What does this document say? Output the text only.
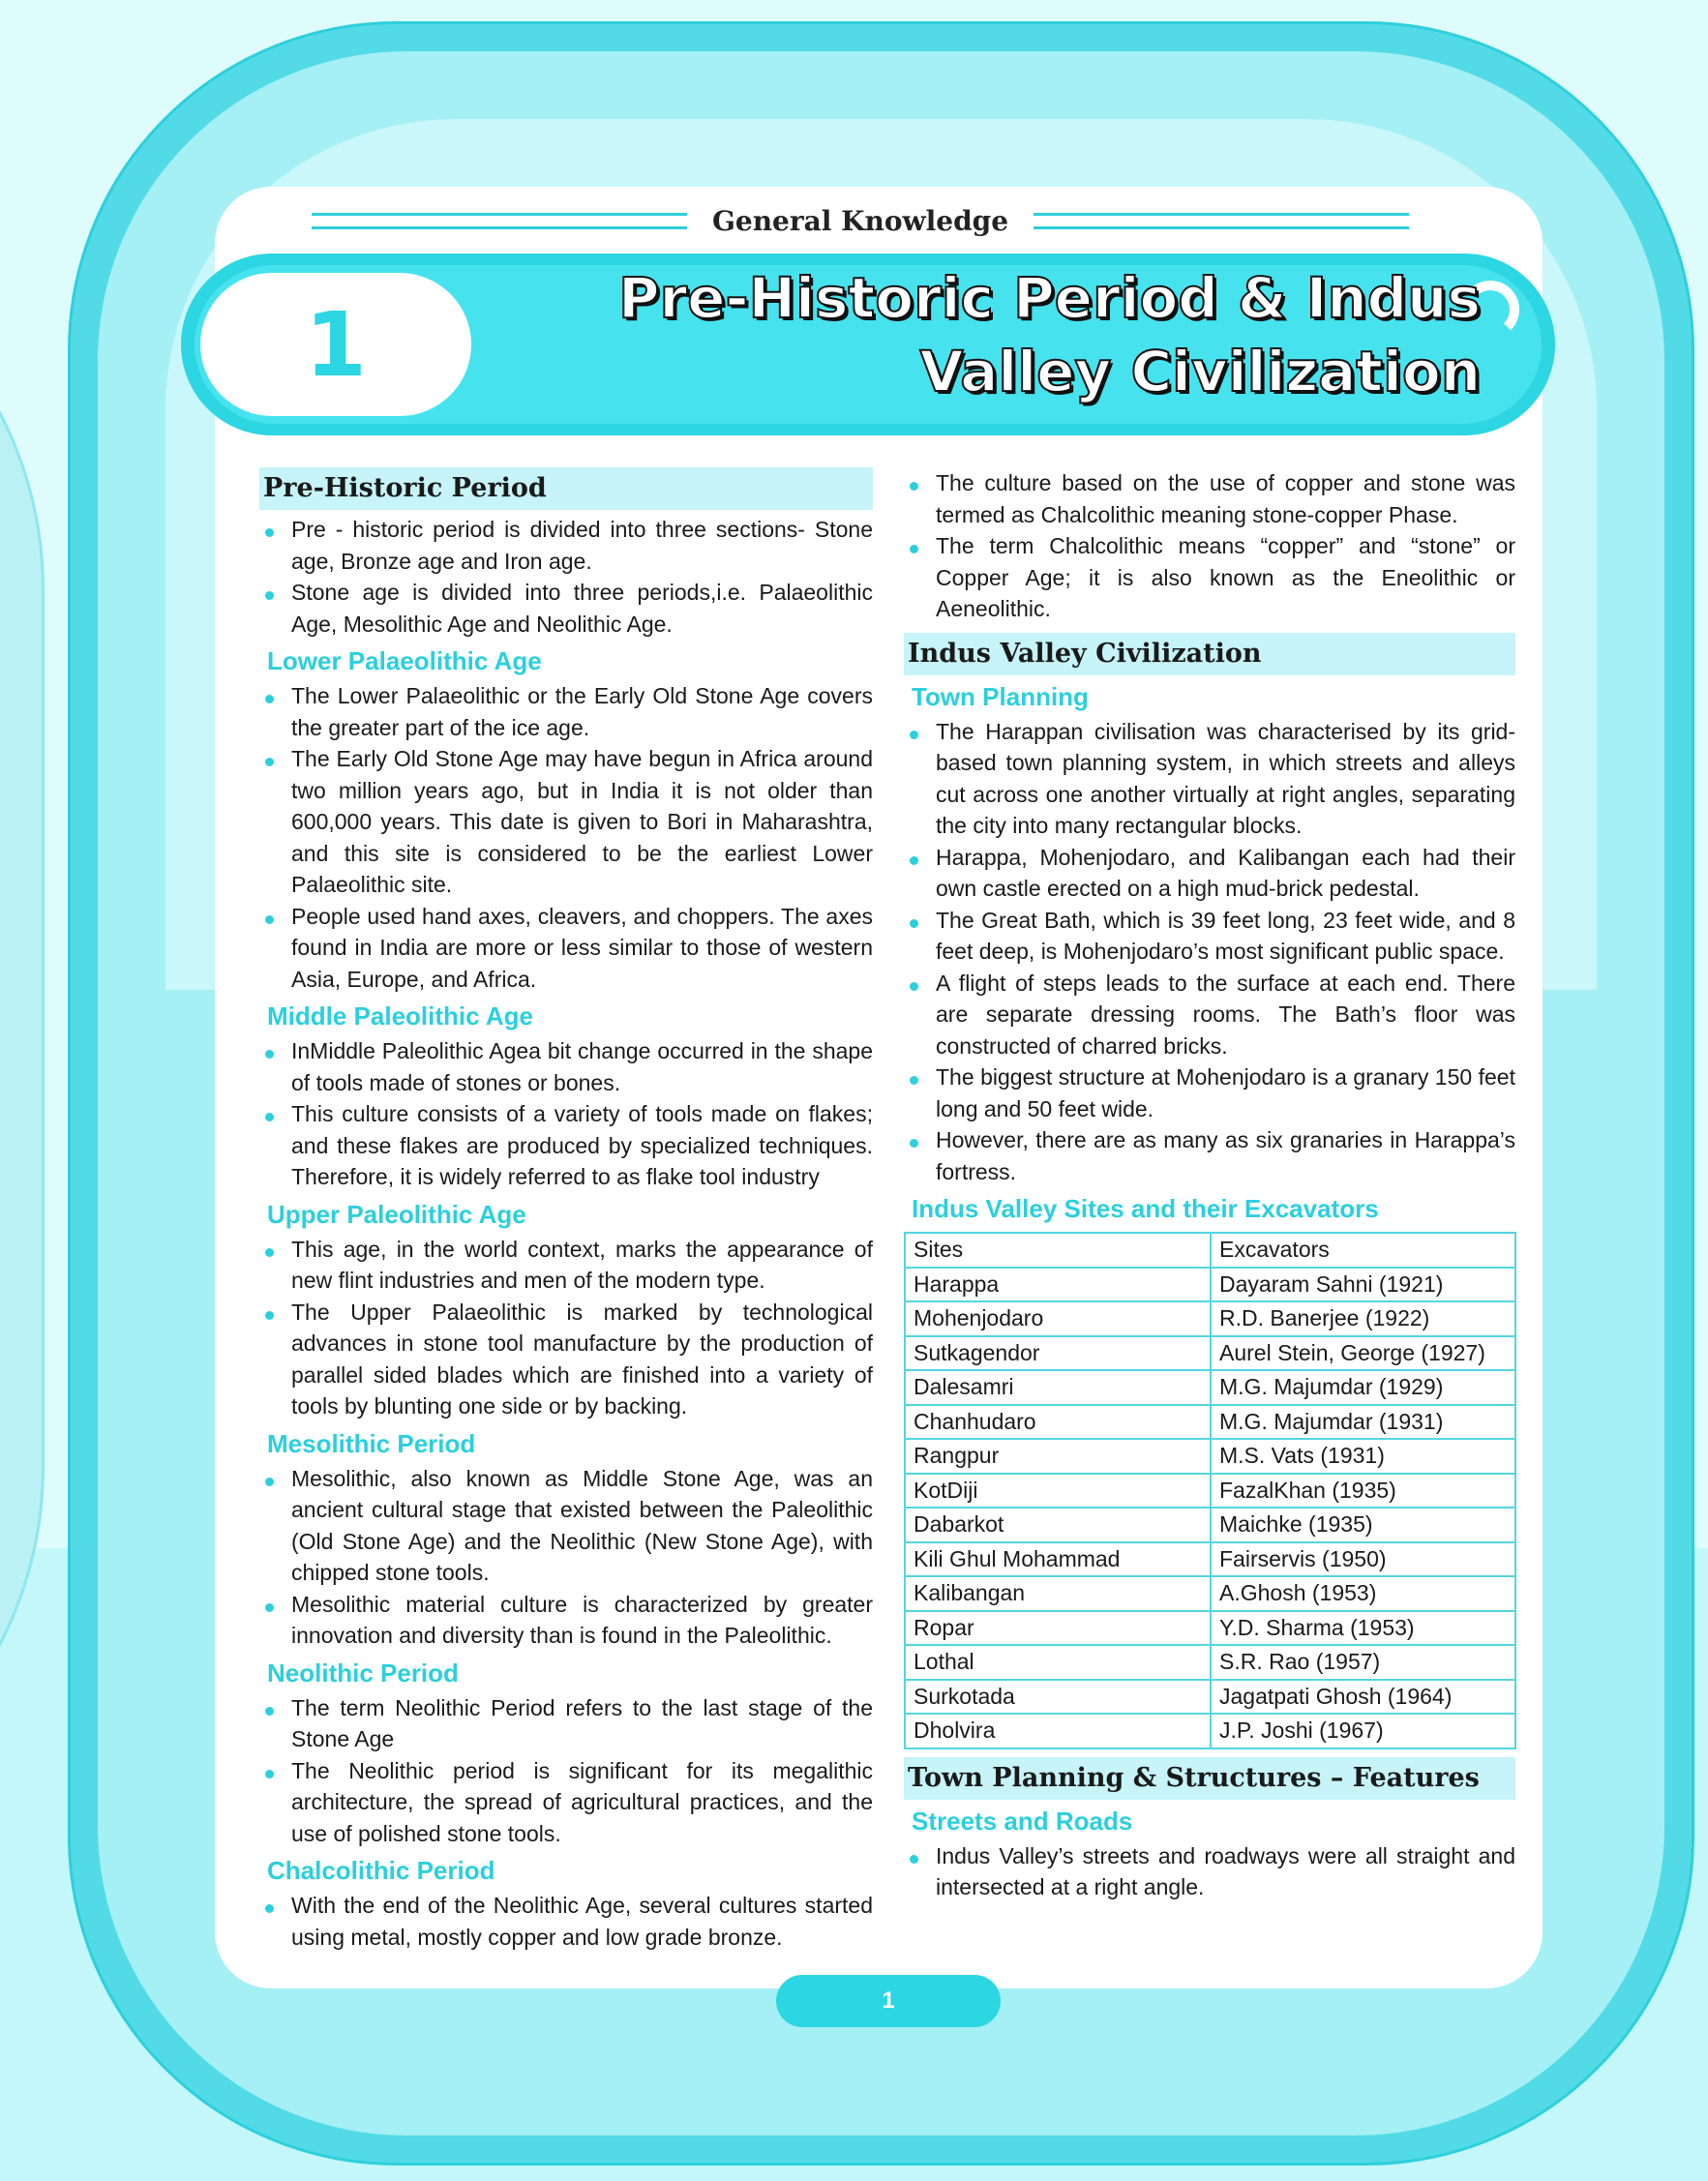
General Knowledge
1	Pre-Historic Period & Indus
Valley Civilization
Pre-Historic Period
Pre - historic period is divided into three sections- Stone age, Bronze age and Iron age.
Stone age is divided into three periods,i.e. Palaeolithic Age, Mesolithic Age and Neolithic Age.
Lower Palaeolithic Age
The Lower Palaeolithic or the Early Old Stone Age covers the greater part of the ice age.
The Early Old Stone Age may have begun in Africa around two million years ago, but in India it is not older than 600,000 years. This date is given to Bori in Maharashtra, and this site is considered to be the earliest Lower Palaeolithic site.
People used hand axes, cleavers, and choppers. The axes found in India are more or less similar to those of western Asia, Europe, and Africa.
Middle Paleolithic Age
InMiddle Paleolithic Agea bit change occurred in the shape of tools made of stones or bones.
This culture consists of a variety of tools made on flakes; and these flakes are produced by specialized techniques. Therefore, it is widely referred to as flake tool industry
Upper Paleolithic Age
This age, in the world context, marks the appearance of new flint industries and men of the modern type.
The Upper Palaeolithic is marked by technological advances in stone tool manufacture by the production of parallel sided blades which are finished into a variety of tools by blunting one side or by backing.
Mesolithic Period
Mesolithic, also known as Middle Stone Age, was an ancient cultural stage that existed between the Paleolithic (Old Stone Age) and the Neolithic (New Stone Age), with chipped stone tools.
Mesolithic material culture is characterized by greater innovation and diversity than is found in the Paleolithic.
Neolithic Period
The term Neolithic Period refers to the last stage of the Stone Age
The Neolithic period is significant for its megalithic architecture, the spread of agricultural practices, and the use of polished stone tools.
Chalcolithic Period
With the end of the Neolithic Age, several cultures started using metal, mostly copper and low grade bronze.
The culture based on the use of copper and stone was termed as Chalcolithic meaning stone-copper Phase.
The term Chalcolithic means “copper” and “stone” or Copper Age; it is also known as the Eneolithic or Aeneolithic.
Indus Valley Civilization
Town Planning
The Harappan civilisation was characterised by its grid-based town planning system, in which streets and alleys cut across one another virtually at right angles, separating the city into many rectangular blocks.
Harappa, Mohenjodaro, and Kalibangan each had their own castle erected on a high mud-brick pedestal.
The Great Bath, which is 39 feet long, 23 feet wide, and 8 feet deep, is Mohenjodaro’s most significant public space.
A flight of steps leads to the surface at each end. There are separate dressing rooms. The Bath’s floor was constructed of charred bricks.
The biggest structure at Mohenjodaro is a granary 150 feet long and 50 feet wide.
However, there are as many as six granaries in Harappa’s fortress.
Indus Valley Sites and their Excavators
Sites	Excavators
Harappa	Dayaram Sahni (1921)
Mohenjodaro	R.D. Banerjee (1922)
Sutkagendor	Aurel Stein, George (1927)
Dalesamri	M.G. Majumdar (1929)
Chanhudaro	M.G. Majumdar (1931)
Rangpur	M.S. Vats (1931)
KotDiji	FazalKhan (1935)
Dabarkot	Maichke (1935)
Kili Ghul Mohammad	Fairservis (1950)
Kalibangan	A.Ghosh (1953)
Ropar	Y.D. Sharma (1953)
Lothal	S.R. Rao (1957)
Surkotada	Jagatpati Ghosh (1964)
Dholvira	J.P. Joshi (1967)
Town Planning & Structures – Features
Streets and Roads
Indus Valley’s streets and roadways were all straight and intersected at a right angle.
1
